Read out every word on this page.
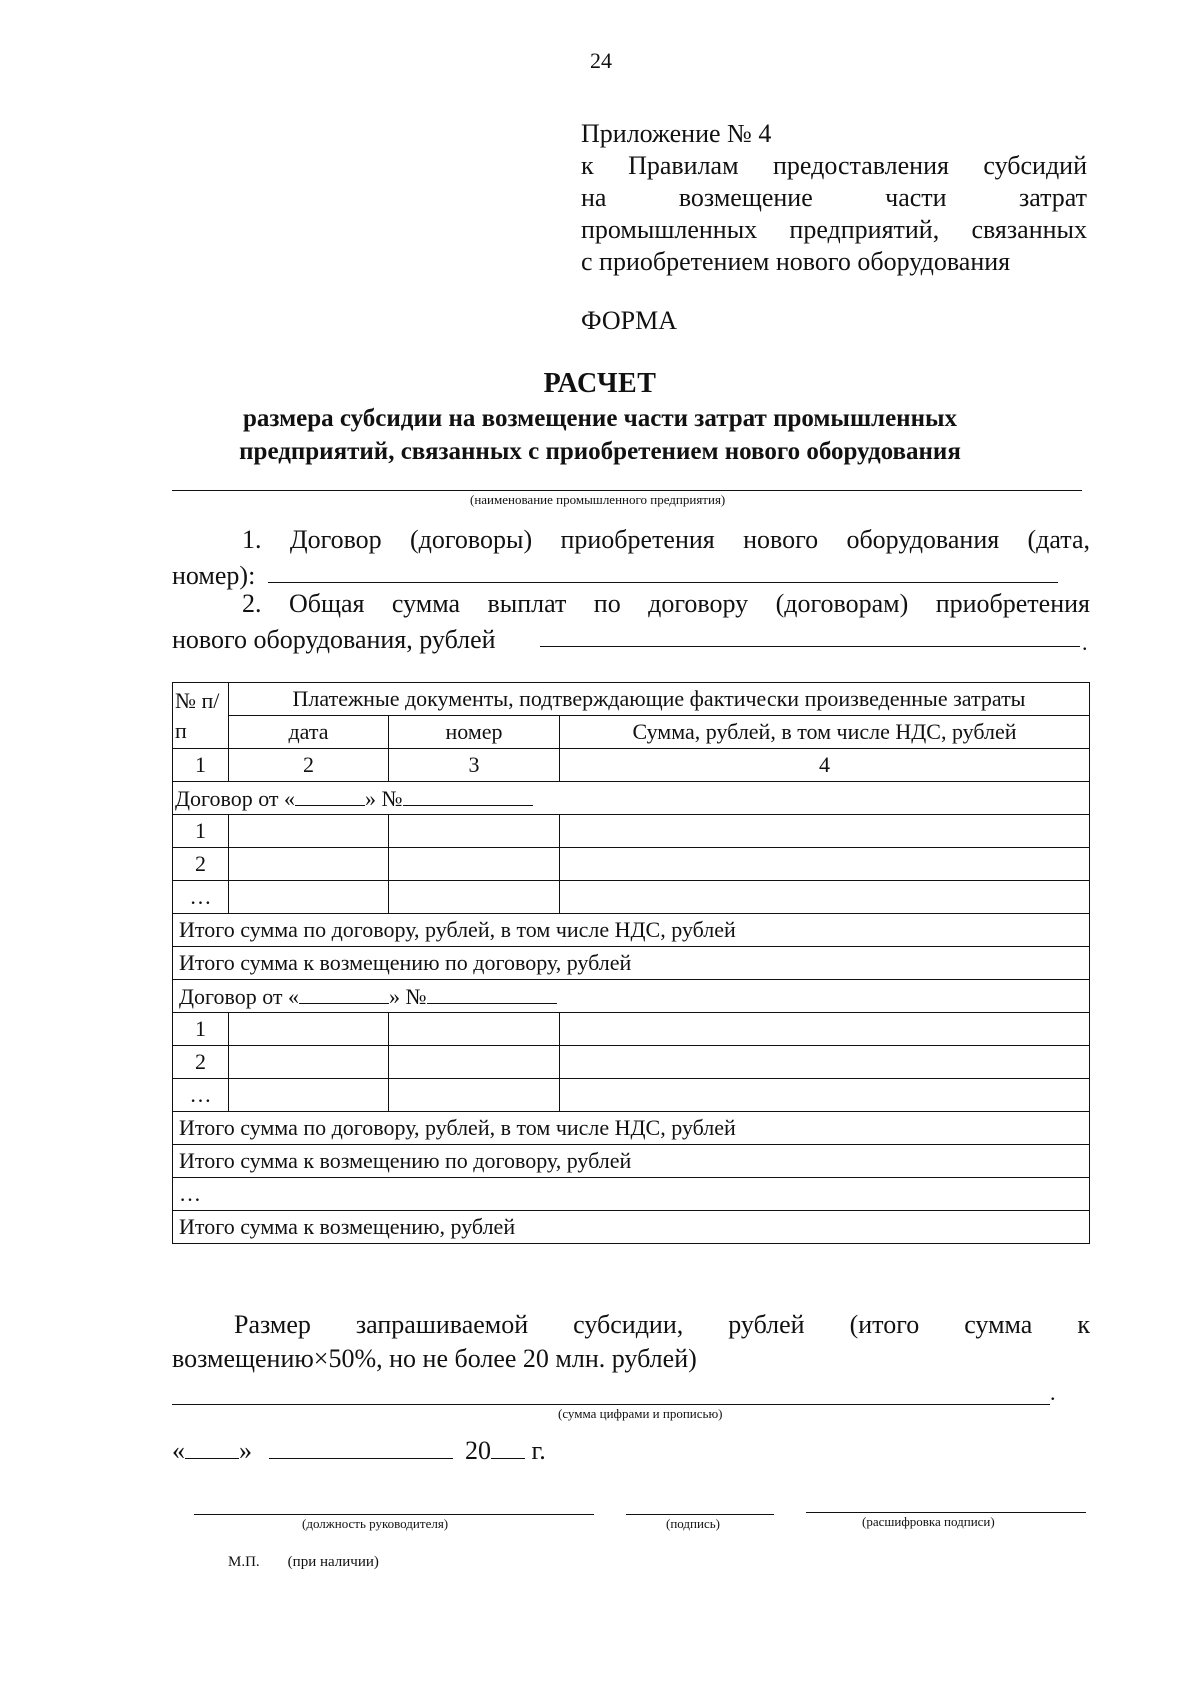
24
Приложение № 4
к Правилам предоставления субсидий
на возмещение части затрат
промышленных предприятий, связанных
с приобретением нового оборудования
ФОРМА
РАСЧЕТ
размера субсидии на возмещение части затрат промышленных
предприятий, связанных с приобретением нового оборудования
(наименование промышленного предприятия)
1. Договор (договоры) приобретения нового оборудования (дата,
номер):
2. Общая сумма выплат по договору (договорам) приобретения
нового оборудования, рублей	.
№ п/п	Платежные документы, подтверждающие фактически произведенные затраты		
	дата	номер	Сумма, рублей, в том числе НДС, рублей
1	2	3	4
Договор от « » №			
1			
2			
…			
Итого сумма по договору, рублей, в том числе НДС, рублей			
Итого сумма к возмещению по договору, рублей			
Договор от « » №			
1			
2			
…			
Итого сумма по договору, рублей, в том числе НДС, рублей			
Итого сумма к возмещению по договору, рублей			
…			
Итого сумма к возмещению, рублей			
Размер запрашиваемой субсидии, рублей (итого сумма к
возмещению×50%, но не более 20 млн. рублей)
.
(сумма цифрами и прописью)
« »	20 г.
(должность руководителя)	(подпись)	(расшифровка подписи)
М.П. (при наличии)
